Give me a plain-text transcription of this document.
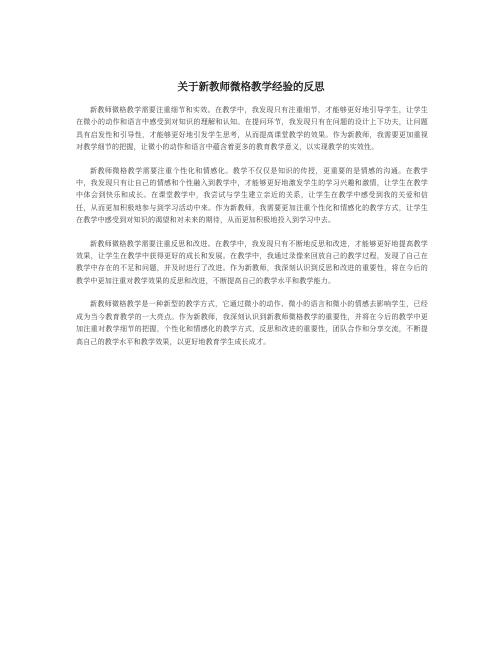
关于新教师微格教学经验的反思

新教师微格教学需要注重细节和实效。在教学中，我发现只有注重细节，才能够更好地引导学生，让学生在微小的动作和语言中感受到对知识的理解和认知。在提问环节，我发现只有在问题的设计上下功夫，让问题具有启发性和引导性，才能够更好地引发学生思考，从而提高课堂教学的效果。作为新教师，我需要更加重视对教学细节的把握，让微小的动作和语言中蕴含着更多的教育教学意义，以实现教学的实效性。

新教师微格教学需要注重个性化和情感化。教学不仅仅是知识的传授，更重要的是情感的沟通。在教学中，我发现只有让自己的情感和个性融入到教学中，才能够更好地激发学生的学习兴趣和激情，让学生在教学中体会到快乐和成长。在课堂教学中，我尝试与学生建立亲近的关系，让学生在教学中感受到我的关爱和信任，从而更加积极地参与到学习活动中来。作为新教师，我需要更加注重个性化和情感化的教学方式，让学生在教学中感受到对知识的渴望和对未来的期待，从而更加积极地投入到学习中去。

新教师微格教学需要注重反思和改进。在教学中，我发现只有不断地反思和改进，才能够更好地提高教学效果，让学生在教学中获得更好的成长和发展。在教学中，我通过录像来回放自己的教学过程，发现了自己在教学中存在的不足和问题，并及时进行了改进。作为新教师，我深刻认识到反思和改进的重要性，将在今后的教学中更加注重对教学效果的反思和改进，不断提高自己的教学水平和教学能力。

新教师微格教学是一种新型的教学方式，它通过微小的动作、微小的语言和微小的情感去影响学生，已经成为当今教育教学的一大亮点。作为新教师，我深刻认识到新教师微格教学的重要性，并将在今后的教学中更加注重对教学细节的把握，个性化和情感化的教学方式，反思和改进的重要性，团队合作和分享交流，不断提高自己的教学水平和教学效果，以更好地教育学生成长成才。
